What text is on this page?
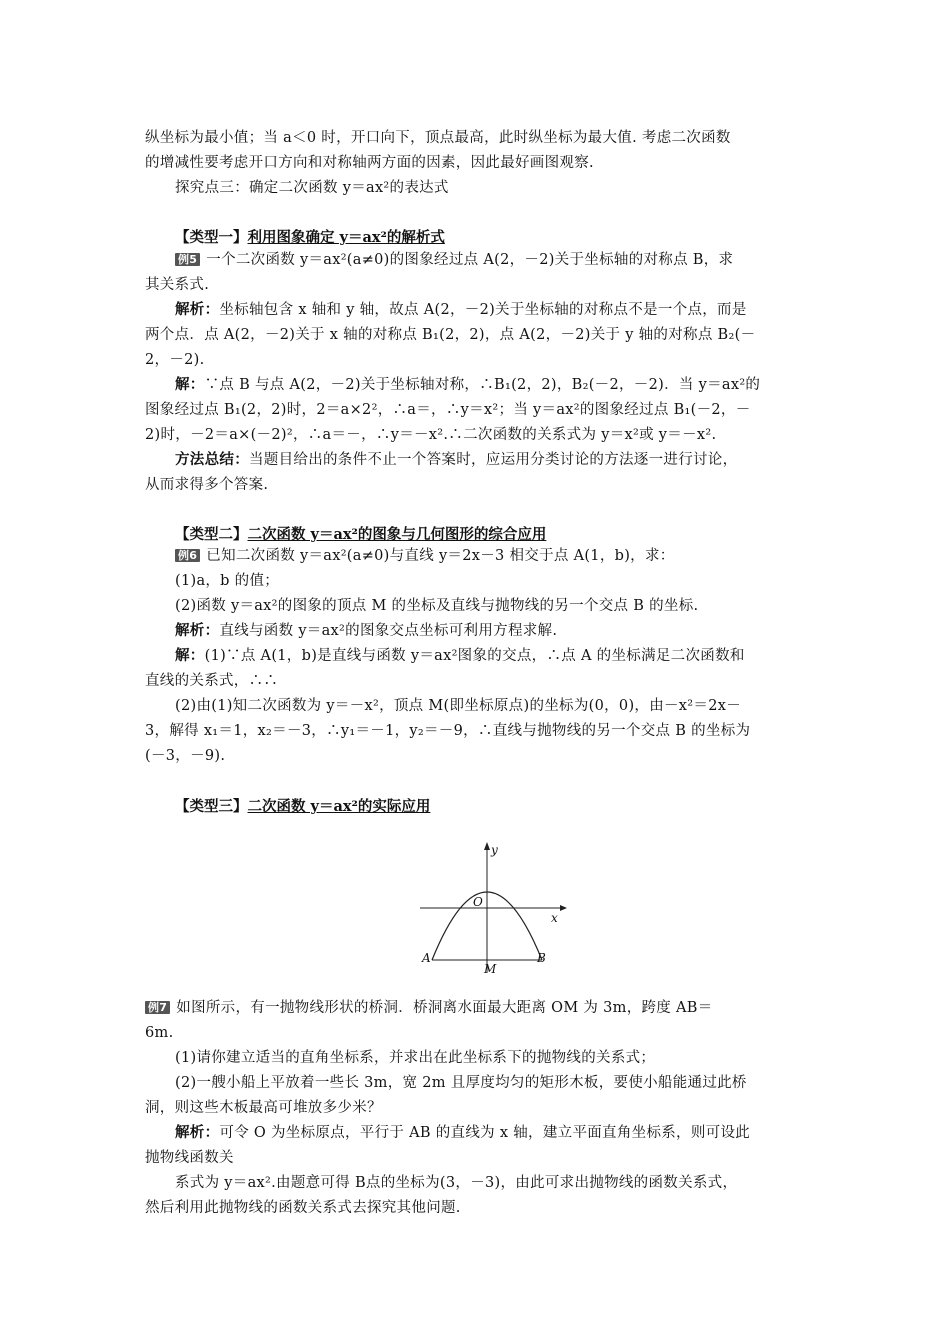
纵坐标为最小值；当 a＜0 时，开口向下，顶点最高，此时纵坐标为最大值. 考虑二次函数
的增减性要考虑开口方向和对称轴两方面的因素，因此最好画图观察.
探究点三：确定二次函数 y＝ax²的表达式
【类型一】利用图象确定 y＝ax²的解析式
例5 一个二次函数 y＝ax²(a≠0)的图象经过点 A(2，－2)关于坐标轴的对称点 B，求
其关系式.
解析：坐标轴包含 x 轴和 y 轴，故点 A(2，－2)关于坐标轴的对称点不是一个点，而是
两个点．点 A(2，－2)关于 x 轴的对称点 B₁(2，2)，点 A(2，－2)关于 y 轴的对称点 B₂(－
2，－2).
解：∵点 B 与点 A(2，－2)关于坐标轴对称，∴B₁(2，2)，B₂(－2，－2)．当 y＝ax²的
图象经过点 B₁(2，2)时，2＝a×2²，∴a＝，∴y＝x²；当 y＝ax²的图象经过点 B₁(－2，－
2)时，－2＝a×(－2)²，∴a＝－，∴y＝－x².∴二次函数的关系式为 y＝x²或 y＝－x².
方法总结：当题目给出的条件不止一个答案时，应运用分类讨论的方法逐一进行讨论，
从而求得多个答案.
【类型二】二次函数 y＝ax²的图象与几何图形的综合应用
例6 已知二次函数 y＝ax²(a≠0)与直线 y＝2x－3 相交于点 A(1，b)，求：
(1)a，b 的值；
(2)函数 y＝ax²的图象的顶点 M 的坐标及直线与抛物线的另一个交点 B 的坐标.
解析：直线与函数 y＝ax²的图象交点坐标可利用方程求解.
解：(1)∵点 A(1，b)是直线与函数 y＝ax²图象的交点，∴点 A 的坐标满足二次函数和
直线的关系式，∴∴
(2)由(1)知二次函数为 y＝－x²，顶点 M(即坐标原点)的坐标为(0，0)，由－x²＝2x－
3，解得 x₁＝1，x₂＝－3，∴y₁＝－1，y₂＝－9，∴直线与抛物线的另一个交点 B 的坐标为
(－3，－9).
【类型三】二次函数 y＝ax²的实际应用
y
x
O
A	B
M
例7 如图所示，有一抛物线形状的桥洞．桥洞离水面最大距离 OM 为 3m，跨度 AB＝
6m.
(1)请你建立适当的直角坐标系，并求出在此坐标系下的抛物线的关系式；
(2)一艘小船上平放着一些长 3m，宽 2m 且厚度均匀的矩形木板，要使小船能通过此桥
洞，则这些木板最高可堆放多少米？
解析：可令 O 为坐标原点，平行于 AB 的直线为 x 轴，建立平面直角坐标系，则可设此
抛物线函数关
系式为 y＝ax².由题意可得 B点的坐标为(3，－3)，由此可求出抛物线的函数关系式，
然后利用此抛物线的函数关系式去探究其他问题.
